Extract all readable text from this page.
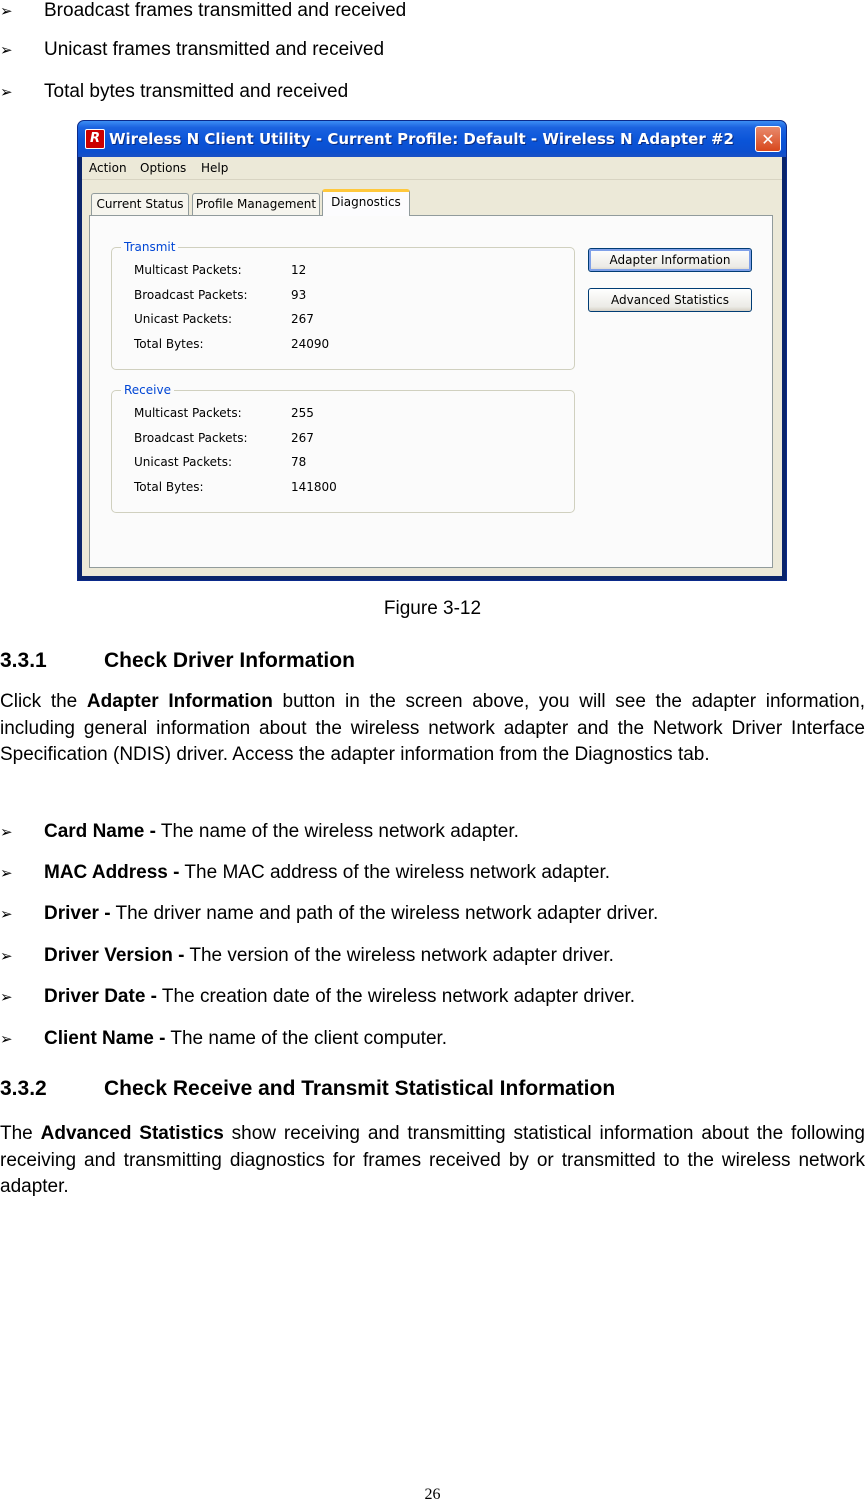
➢ Broadcast frames transmitted and received
➢ Unicast frames transmitted and received
➢ Total bytes transmitted and received
R Wireless N Client Utility - Current Profile: Default - Wireless N Adapter #2	✕
Action Options Help
Current Status	Profile Management	Diagnostics
Transmit
Multicast Packets:	12
Broadcast Packets:	93
Unicast Packets:	267
Total Bytes:	24090
Receive
Multicast Packets:	255
Broadcast Packets:	267
Unicast Packets:	78
Total Bytes:	141800
Adapter Information
Advanced Statistics
Figure 3-12
3.3.1	Check Driver Information
Click the Adapter Information button in the screen above, you will see the adapter information, including general information about the wireless network adapter and the Network Driver Interface Specification (NDIS) driver. Access the adapter information from the Diagnostics tab.
➢ Card Name - The name of the wireless network adapter.
➢ MAC Address - The MAC address of the wireless network adapter.
➢ Driver - The driver name and path of the wireless network adapter driver.
➢ Driver Version - The version of the wireless network adapter driver.
➢ Driver Date - The creation date of the wireless network adapter driver.
➢ Client Name - The name of the client computer.
3.3.2	Check Receive and Transmit Statistical Information
The Advanced Statistics show receiving and transmitting statistical information about the following receiving and transmitting diagnostics for frames received by or transmitted to the wireless network adapter.
26
